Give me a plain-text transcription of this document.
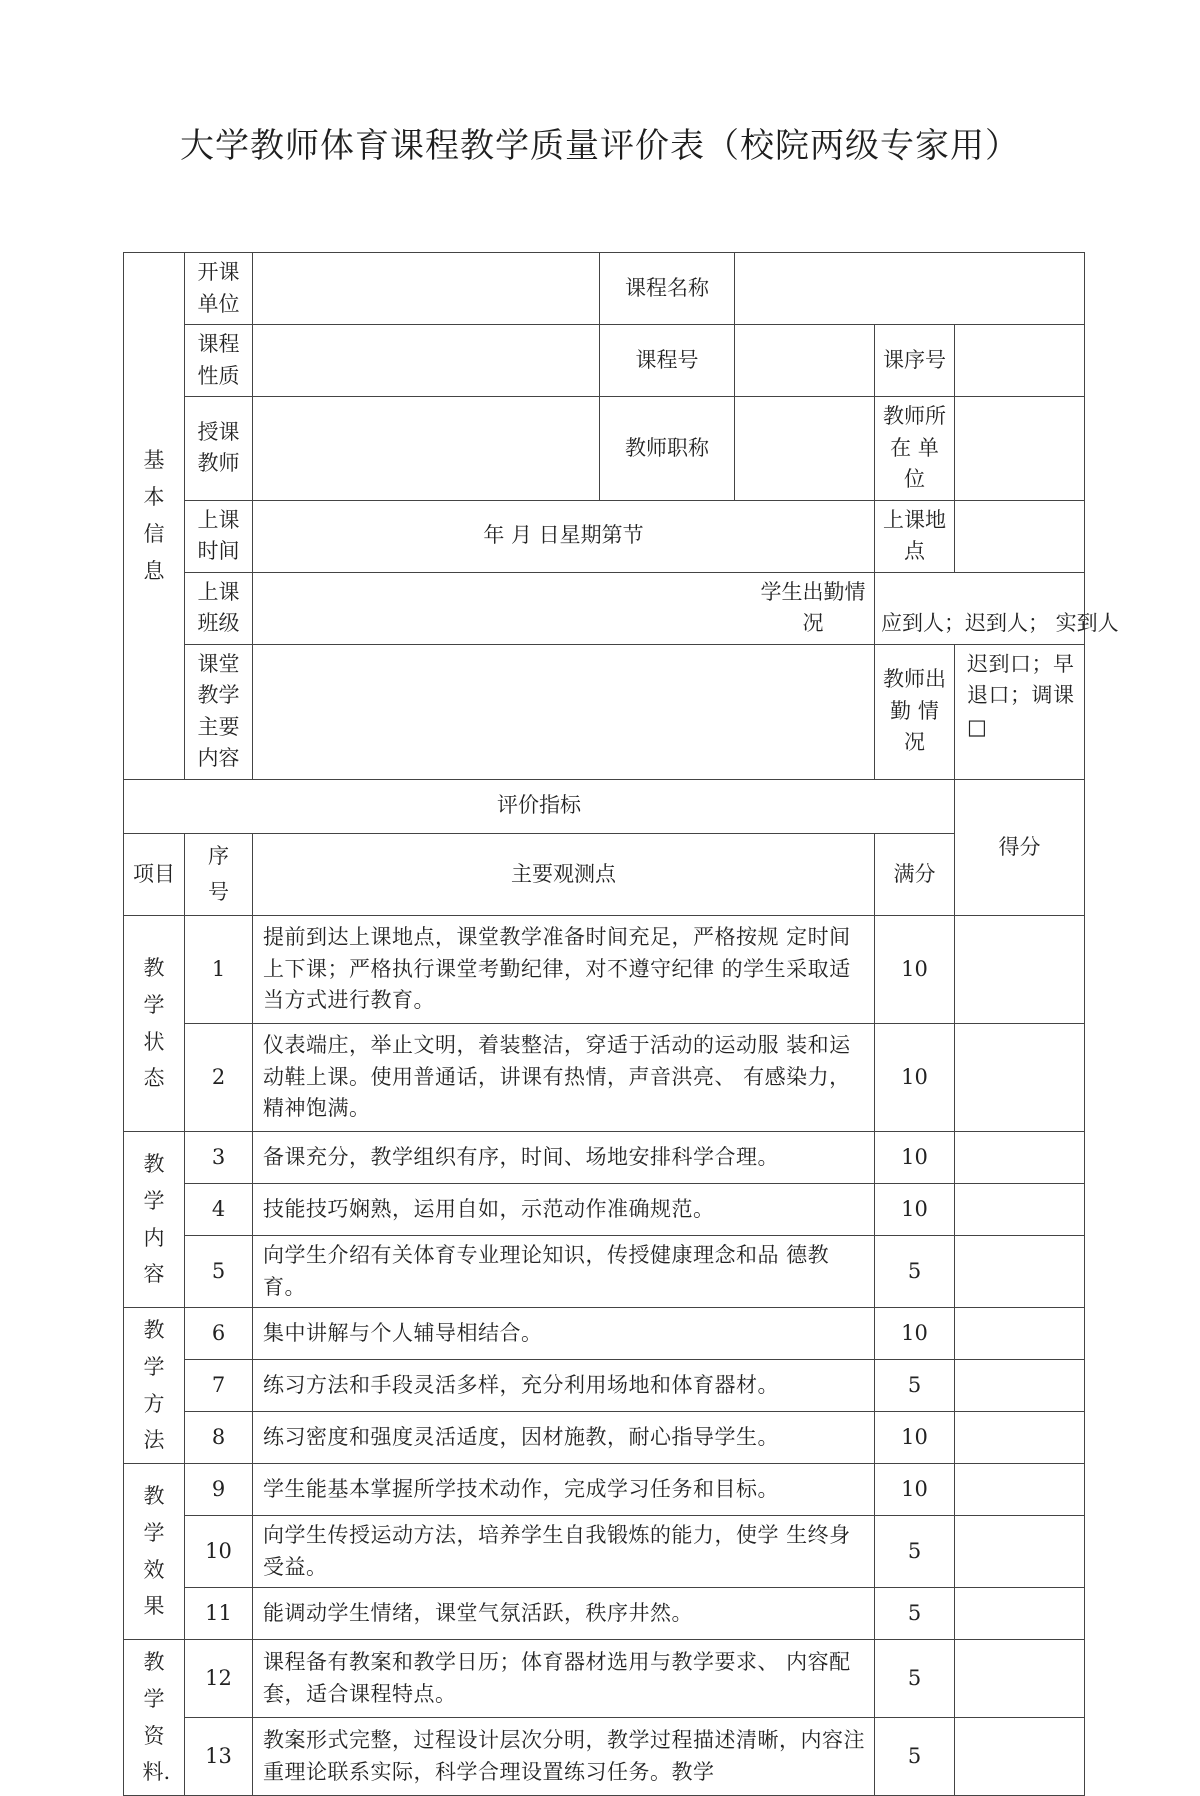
大学教师体育课程教学质量评价表（校院两级专家用）
基本信息	开课单位		课程名称			
	课程性质		课程号		课序号	
	授课教师		教师职称		教师所在 单位	
	上课时间	年 月 日星期第节			上课地点	
	上课班级	学生出勤情况			应到人；迟到人； 实到人	
	课堂教学 主要内容				教师出勤 情况	迟到口；早退口；调课□
评价指标						得分

项目	序号	主要观测点			满分	

教学状态	1	提前到达上课地点，课堂教学准备时间充足，严格按规 定时间上下课；严格执行课堂考勤纪律，对不遵守纪律 的学生采取适当方式进行教育。			10	
	2	仪表端庄，举止文明，着装整洁，穿适于活动的运动服 装和运动鞋上课。使用普通话，讲课有热情，声音洪亮、 有感染力，精神饱满。			10	

教学内容	3	备课充分，教学组织有序，时间、场地安排科学合理。			10	
	4	技能技巧娴熟，运用自如，示范动作准确规范。			10	
	5	向学生介绍有关体育专业理论知识，传授健康理念和品 德教育。			5	

教学方法	6	集中讲解与个人辅导相结合。			10	
	7	练习方法和手段灵活多样，充分利用场地和体育器材。			5	
	8	练习密度和强度灵活适度，因材施教，耐心指导学生。			10	

教学效果	9	学生能基本掌握所学技术动作，完成学习任务和目标。			10	
	10	向学生传授运动方法，培养学生自我锻炼的能力，使学 生终身受益。			5	
	11	能调动学生情绪，课堂气氛活跃，秩序井然。			5	

教学资料.	12	课程备有教案和教学日历；体育器材选用与教学要求、 内容配套，适合课程特点。			5	
	13	教案形式完整，过程设计层次分明，教学过程描述清晰，内容注重理论联系实际，科学合理设置练习任务。教学			5	
